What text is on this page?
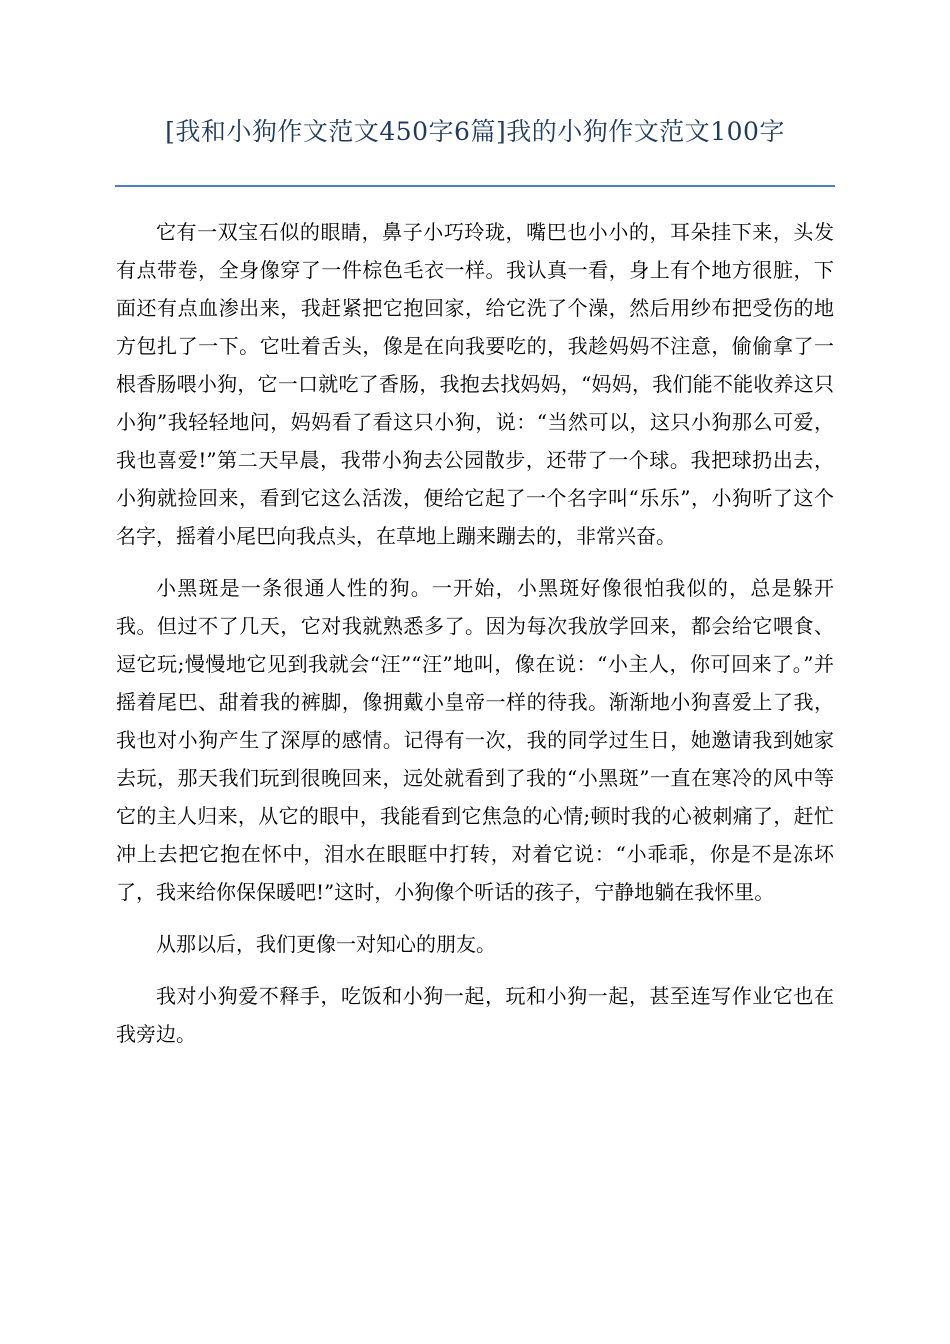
[我和小狗作文范文450字6篇]我的小狗作文范文100字

它有一双宝石似的眼睛，鼻子小巧玲珑，嘴巴也小小的，耳朵挂下来，头发有点带卷，全身像穿了一件棕色毛衣一样。我认真一看，身上有个地方很脏，下面还有点血渗出来，我赶紧把它抱回家，给它洗了个澡，然后用纱布把受伤的地方包扎了一下。它吐着舌头，像是在向我要吃的，我趁妈妈不注意，偷偷拿了一根香肠喂小狗，它一口就吃了香肠，我抱去找妈妈，“妈妈，我们能不能收养这只小狗”我轻轻地问，妈妈看了看这只小狗，说：“当然可以，这只小狗那么可爱，我也喜爱!”第二天早晨，我带小狗去公园散步，还带了一个球。我把球扔出去，小狗就捡回来，看到它这么活泼，便给它起了一个名字叫“乐乐”，小狗听了这个名字，摇着小尾巴向我点头，在草地上蹦来蹦去的，非常兴奋。

小黑斑是一条很通人性的狗。一开始，小黑斑好像很怕我似的，总是躲开我。但过不了几天，它对我就熟悉多了。因为每次我放学回来，都会给它喂食、逗它玩;慢慢地它见到我就会“汪”“汪”地叫，像在说：“小主人，你可回来了。”并摇着尾巴、甜着我的裤脚，像拥戴小皇帝一样的待我。渐渐地小狗喜爱上了我，我也对小狗产生了深厚的感情。记得有一次，我的同学过生日，她邀请我到她家去玩，那天我们玩到很晚回来，远处就看到了我的“小黑斑”一直在寒冷的风中等它的主人归来，从它的眼中，我能看到它焦急的心情;顿时我的心被刺痛了，赶忙冲上去把它抱在怀中，泪水在眼眶中打转，对着它说：“小乖乖，你是不是冻坏了，我来给你保保暖吧!”这时，小狗像个听话的孩子，宁静地躺在我怀里。

从那以后，我们更像一对知心的朋友。

我对小狗爱不释手，吃饭和小狗一起，玩和小狗一起，甚至连写作业它也在我旁边。
